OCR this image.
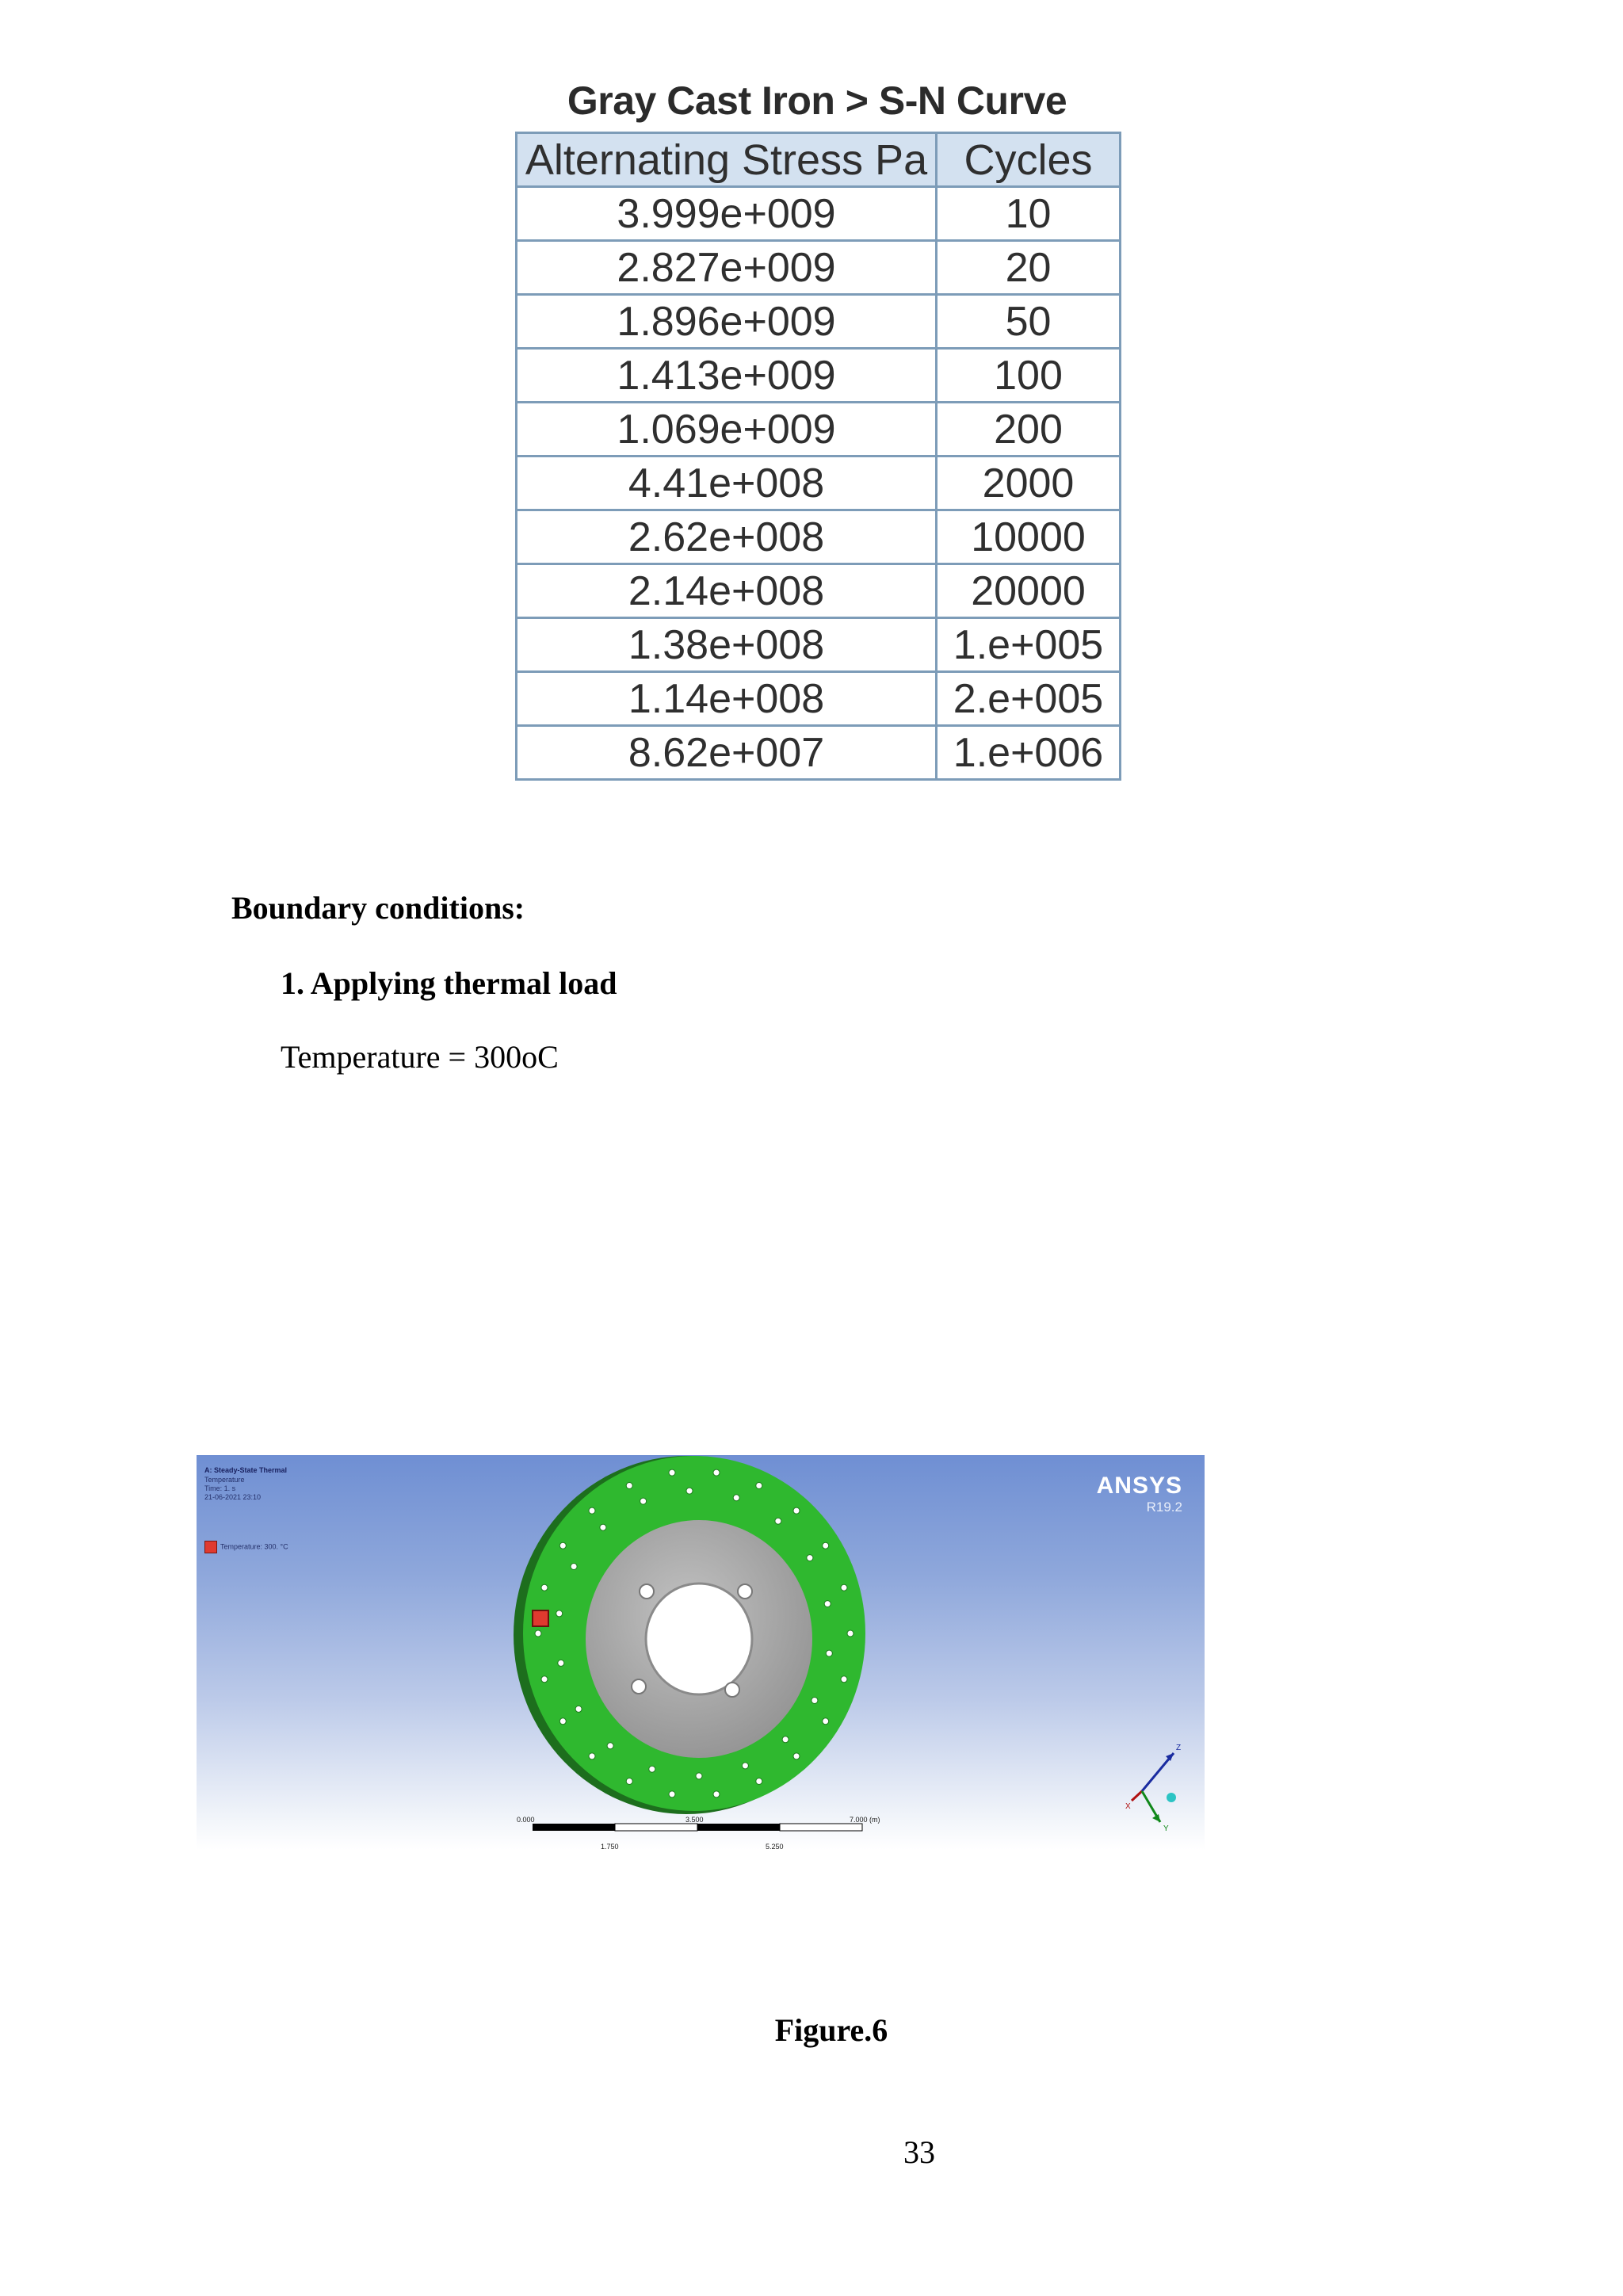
Gray Cast Iron > S-N Curve
Alternating Stress Pa	Cycles
3.999e+009	10
2.827e+009	20
1.896e+009	50
1.413e+009	100
1.069e+009	200
4.41e+008	2000
2.62e+008	10000
2.14e+008	20000
1.38e+008	1.e+005
1.14e+008	2.e+005
8.62e+007	1.e+006
Boundary conditions:
1. Applying thermal load
Temperature = 300oC
Z
Y
X
A: Steady-State Thermal
Temperature
Time: 1. s
21-06-2021 23:10
Temperature: 300. °C
ANSYS
R19.2
0.000
1.750
3.500
5.250
7.000 (m)
Figure.6
33
